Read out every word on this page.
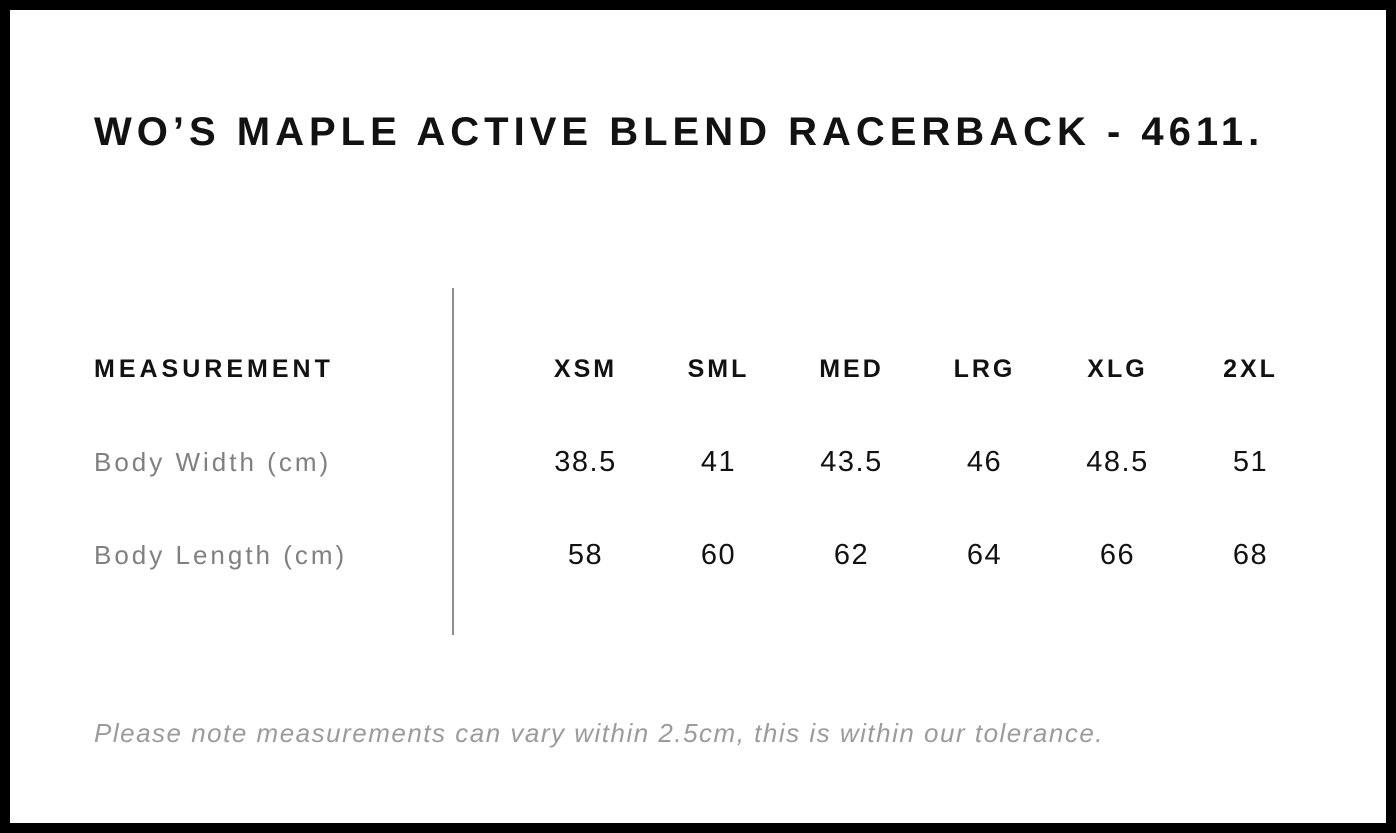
WO’S MAPLE ACTIVE BLEND RACERBACK - 4611.
MEASUREMENT	XSM	SML	MED	LRG	XLG	2XL
Body Width (cm)	38.5	41	43.5	46	48.5	51
Body Length (cm)	58	60	62	64	66	68

Please note measurements can vary within 2.5cm, this is within our tolerance.
